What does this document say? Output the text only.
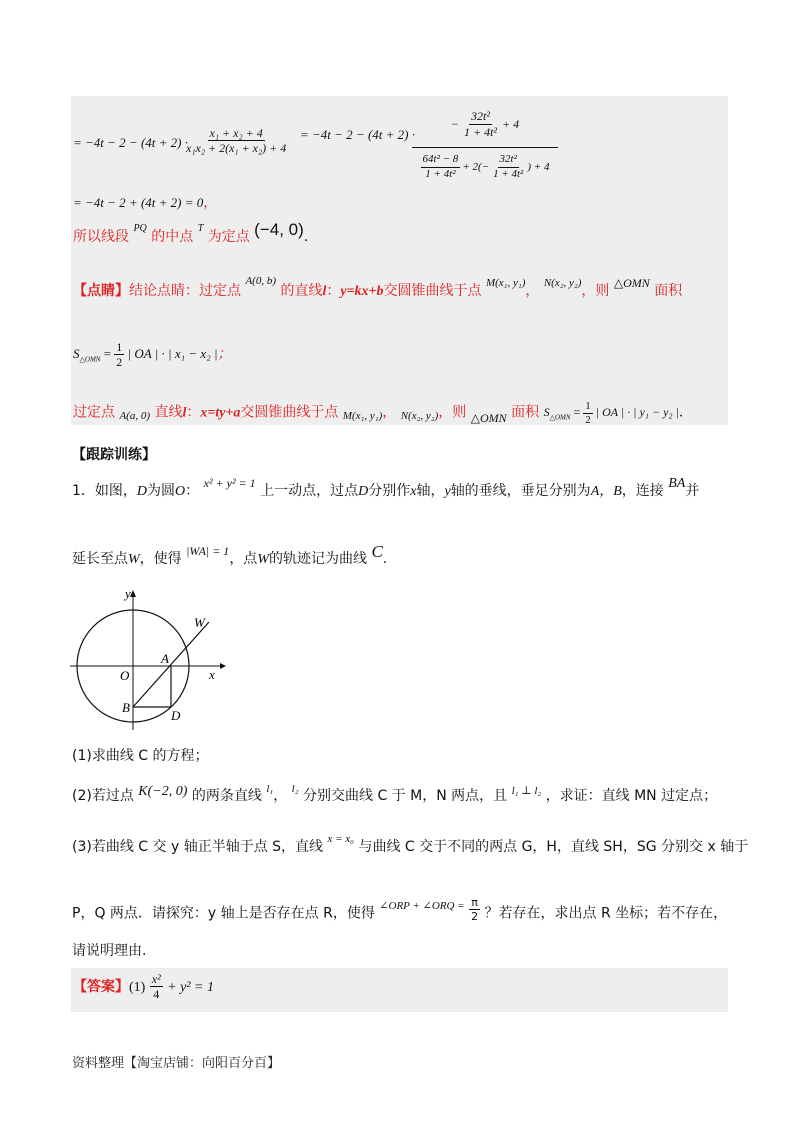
= −4t − 2 − (4t + 2) ·
$\frac{\text{x₁ + x₂ + 4}}{\text{x₁x₂ + 2(x₁ + x₂) + 4}} = -4t - 2 - (4t + 2)$ ·
− $\frac{\text{32t²}}{\text{1 + 4t²}} + 4$
$\frac{\text{64t² − 8}}{\text{1 + 4t²}} + 2(- \frac{\text{32t²}}{\text{1 + 4t²}}$ ) + 4
= −4t − 2 + (4t + 2) = 0，
所以线段 $^{PQ}$ 的中点 $^T$ 为定点 (−4, 0).
【点睛】结论点睛：过定点 $^{A(0, b)}$ 的直线l：y=kx+b交圆锥曲线于点 $^{M(x_1, y_1)}$， $^{N(x_2, y_2)}$，则 △OMN 面积
$S_{\triangle OMN} = \frac{1}{2}$ | OA | · | x₁ − x₂ |；
过定点 $_{A(a, 0)}$ 直线l：x=ty+a交圆锥曲线于点 $_{M(x_1, y_1)}$， $_{N(x_2, y_2)}$，则 △OMN 面积 $S_{\triangle OMN} = \frac{1}{2}$ | OA | · | y₁ − y₂ |.
【跟踪训练】
1．如图，D为圆O： x² + y² = 1 上一动点，过点D分别作x轴，y轴的垂线，垂足分别为A，B，连接 BA并
延长至点W，使得 |WA| = 1，点W的轨迹记为曲线 C.
y
x
O
A
B
D
W
(1)求曲线 C 的方程；
(2)若过点 K(−2, 0) 的两条直线 $^{l_1}$， $^{l_2}$ 分别交曲线 C 于 M，N 两点，且 $^{l_1 \perp l_2}$ ，求证：直线 MN 过定点；
(3)若曲线 C 交 y 轴正半轴于点 S，直线 $^{x = x_0}$ 与曲线 C 交于不同的两点 G，H，直线 SH，SG 分别交 x 轴于
P，Q 两点．请探究：y 轴上是否存在点 R，使得 $^{\angle ORP + \angle ORQ =} \frac{\pi}{2}$ ？若存在，求出点 R 坐标；若不存在，
请说明理由.
【答案】$(1) \frac{\text{x²}}{4} + y^2 = 1$
资料整理【淘宝店铺：向阳百分百】
